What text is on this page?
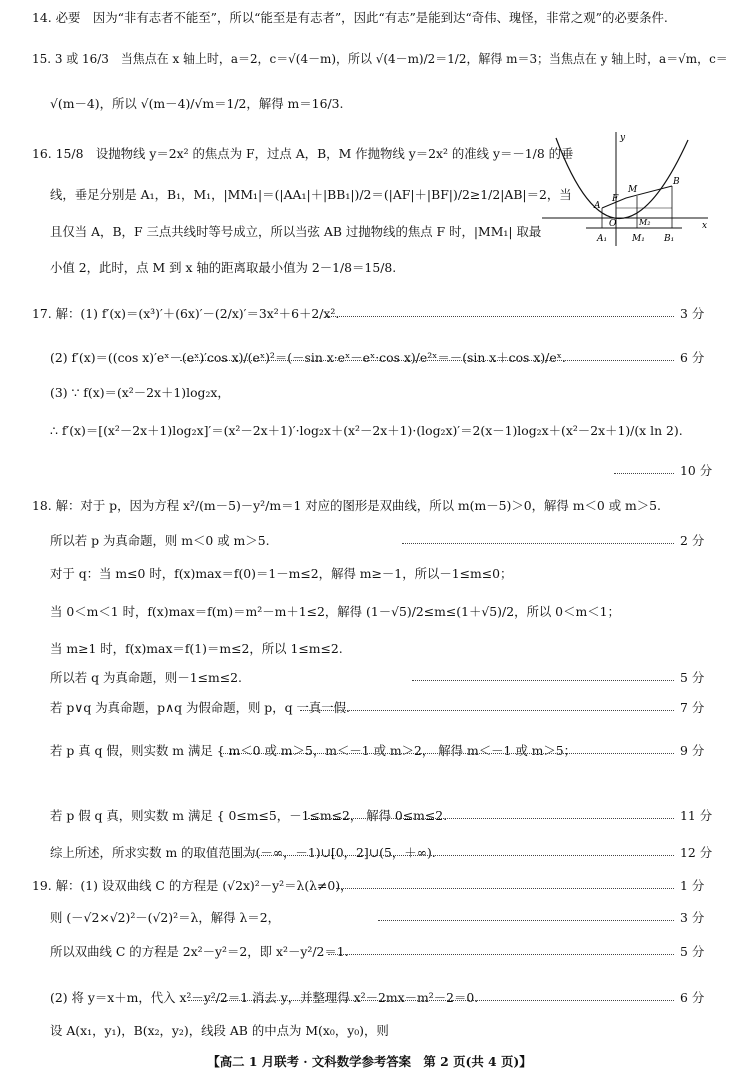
14. 必要　因为“非有志者不能至”，所以“能至是有志者”，因此“有志”是能到达“奇伟、瑰怪，非常之观”的必要条件.
15. 3 或 16/3　当焦点在 x 轴上时，a＝2，c＝√(4－m)，所以 √(4－m)/2＝1/2，解得 m＝3；当焦点在 y 轴上时，a＝√m，c＝
√(m－4)，所以 √(m－4)/√m＝1/2，解得 m＝16/3.
16. 15/8　设抛物线 y＝2x² 的焦点为 F，过点 A，B，M 作抛物线 y＝2x² 的准线 y＝－1/8 的垂
线，垂足分别是 A₁，B₁，M₁，|MM₁|＝(|AA₁|＋|BB₁|)/2＝(|AF|＋|BF|)/2≥1/2|AB|＝2，当
且仅当 A，B，F 三点共线时等号成立，所以当弦 AB 过抛物线的焦点 F 时，|MM₁| 取最
小值 2，此时，点 M 到 x 轴的距离取最小值为 2－1/8＝15/8.
17. 解：(1) f′(x)＝(x³)′＋(6x)′－(2/x)′＝3x²＋6＋2/x².
(2) f′(x)＝((cos x)′eˣ－(eˣ)′cos x)/(eˣ)²＝(－sin x·eˣ－eˣ·cos x)/e²ˣ＝－(sin x＋cos x)/eˣ.
(3) ∵ f(x)＝(x²－2x＋1)log₂x，
∴ f′(x)＝[(x²－2x＋1)log₂x]′＝(x²－2x＋1)′·log₂x＋(x²－2x＋1)·(log₂x)′＝2(x－1)log₂x＋(x²－2x＋1)/(x ln 2).
18. 解：对于 p，因为方程 x²/(m－5)－y²/m＝1 对应的图形是双曲线，所以 m(m－5)＞0，解得 m＜0 或 m＞5.
所以若 p 为真命题，则 m＜0 或 m＞5.
对于 q：当 m≤0 时，f(x)max＝f(0)＝1－m≤2，解得 m≥－1，所以－1≤m≤0；
当 0＜m＜1 时，f(x)max＝f(m)＝m²－m＋1≤2，解得 (1－√5)/2≤m≤(1＋√5)/2，所以 0＜m＜1；
当 m≥1 时，f(x)max＝f(1)＝m≤2，所以 1≤m≤2.
所以若 q 为真命题，则－1≤m≤2.
若 p∨q 为真命题，p∧q 为假命题，则 p，q 一真一假.
若 p 真 q 假，则实数 m 满足 { m＜0 或 m＞5，m＜－1 或 m＞2， 解得 m＜－1 或 m＞5；
若 p 假 q 真，则实数 m 满足 { 0≤m≤5，－1≤m≤2， 解得 0≤m≤2.
综上所述，所求实数 m 的取值范围为(－∞，－1)∪[0，2]∪(5，＋∞).
19. 解：(1) 设双曲线 C 的方程是 (√2x)²－y²＝λ(λ≠0)，
则 (－√2×√2)²－(√2)²＝λ，解得 λ＝2，
所以双曲线 C 的方程是 2x²－y²＝2，即 x²－y²/2＝1.
(2) 将 y＝x＋m，代入 x²－y²/2＝1 消去 y，并整理得 x²－2mx－m²－2＝0.
设 A(x₁，y₁)，B(x₂，y₂)，线段 AB 的中点为 M(x₀，y₀)，则
3 分
6 分
10 分
2 分
5 分
7 分
9 分
11 分
12 分
1 分
3 分
5 分
6 分
y
x
A
F
M
B
O	M₂
A₁	M₁ B₁
【高二 1 月联考 · 文科数学参考答案　第 2 页(共 4 页)】
